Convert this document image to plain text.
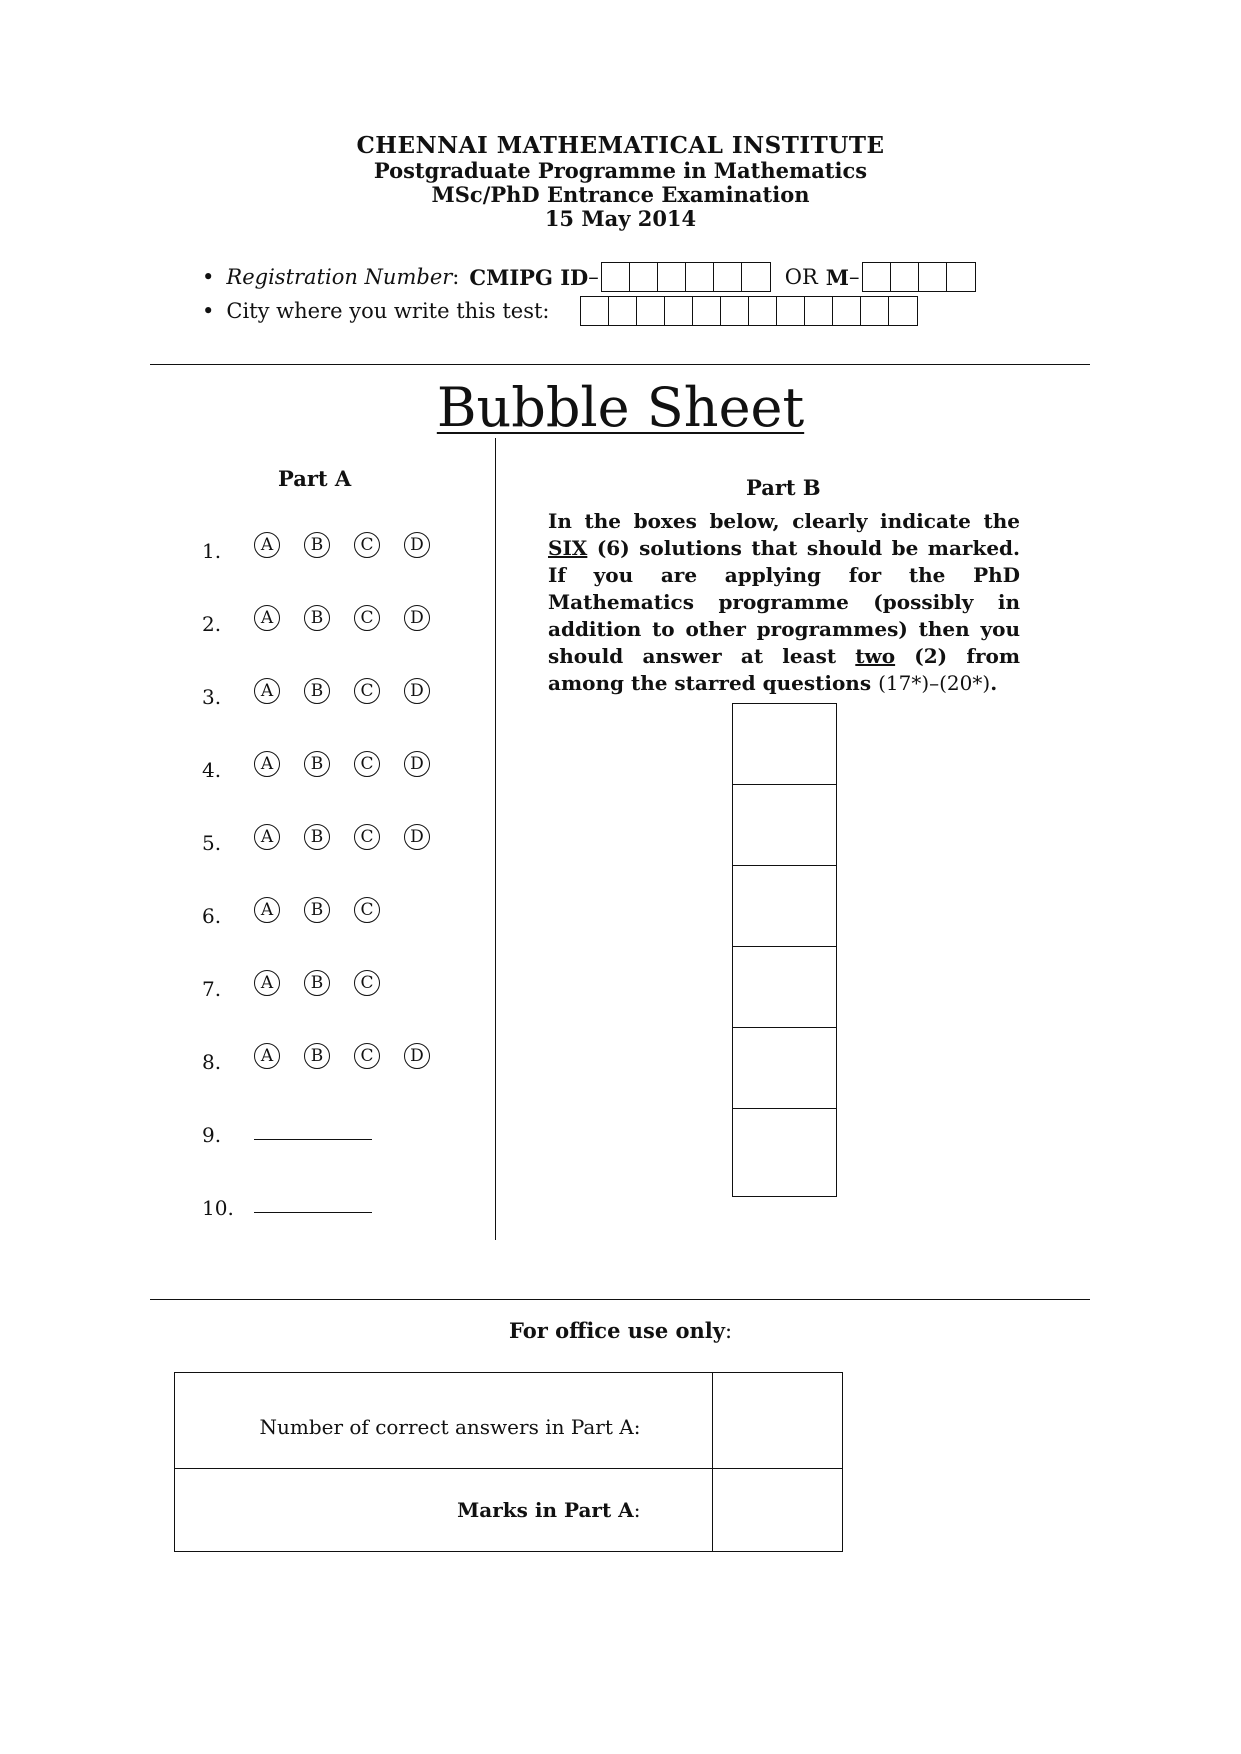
CHENNAI MATHEMATICAL INSTITUTE
Postgraduate Programme in Mathematics
MSc/PhD Entrance Examination
15 May 2014
• Registration Number : CMIPG ID –	OR M –
• City where you write this test:
Bubble Sheet
Part A
1.	A	B	C	D
2.	A	B	C	D
3.	A	B	C	D
4.	A	B	C	D
5.	A	B	C	D
6.	A	B	C
7.	A	B	C
8.	A	B	C	D
9.
10.
Part B
In the boxes below, clearly indicate the SIX (6) solutions that should be marked. If you are applying for the PhD Mathematics programme (possibly in addition to other programmes) then you should answer at least two (2) from among the starred questions (17*)–(20*).
For office use only:
Number of correct answers in Part A:	
Marks in Part A:	
